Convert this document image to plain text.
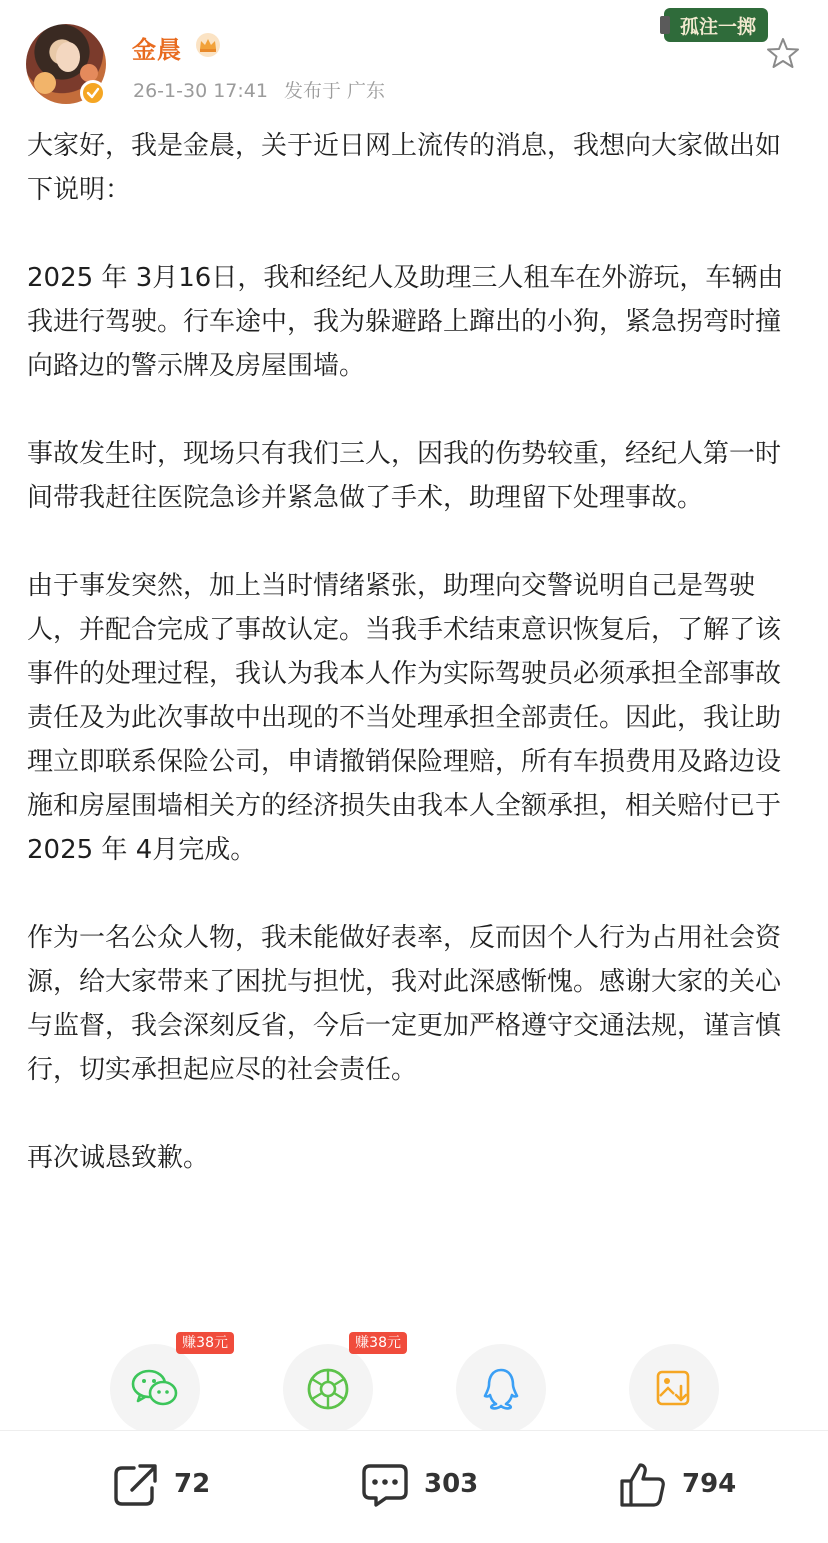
金晨
26-1-30 17:41 发布于 广东
孤注一掷

大家好，我是金晨，关于近日网上流传的消息，我想向大家做出如下说明：

2025 年 3月16日，我和经纪人及助理三人租车在外游玩，车辆由我进行驾驶。行车途中，我为躲避路上蹿出的小狗，紧急拐弯时撞向路边的警示牌及房屋围墙。

事故发生时，现场只有我们三人，因我的伤势较重，经纪人第一时间带我赶往医院急诊并紧急做了手术，助理留下处理事故。

由于事发突然，加上当时情绪紧张，助理向交警说明自己是驾驶人，并配合完成了事故认定。当我手术结束意识恢复后，了解了该事件的处理过程，我认为我本人作为实际驾驶员必须承担全部事故责任及为此次事故中出现的不当处理承担全部责任。因此，我让助理立即联系保险公司，申请撤销保险理赔，所有车损费用及路边设施和房屋围墙相关方的经济损失由我本人全额承担，相关赔付已于 2025 年 4月完成。

作为一名公众人物，我未能做好表率，反而因个人行为占用社会资源，给大家带来了困扰与担忧，我对此深感惭愧。感谢大家的关心与监督，我会深刻反省，今后一定更加严格遵守交通法规，谨言慎行，切实承担起应尽的社会责任。

再次诚恳致歉。

赚38元	赚38元
72	303	794
